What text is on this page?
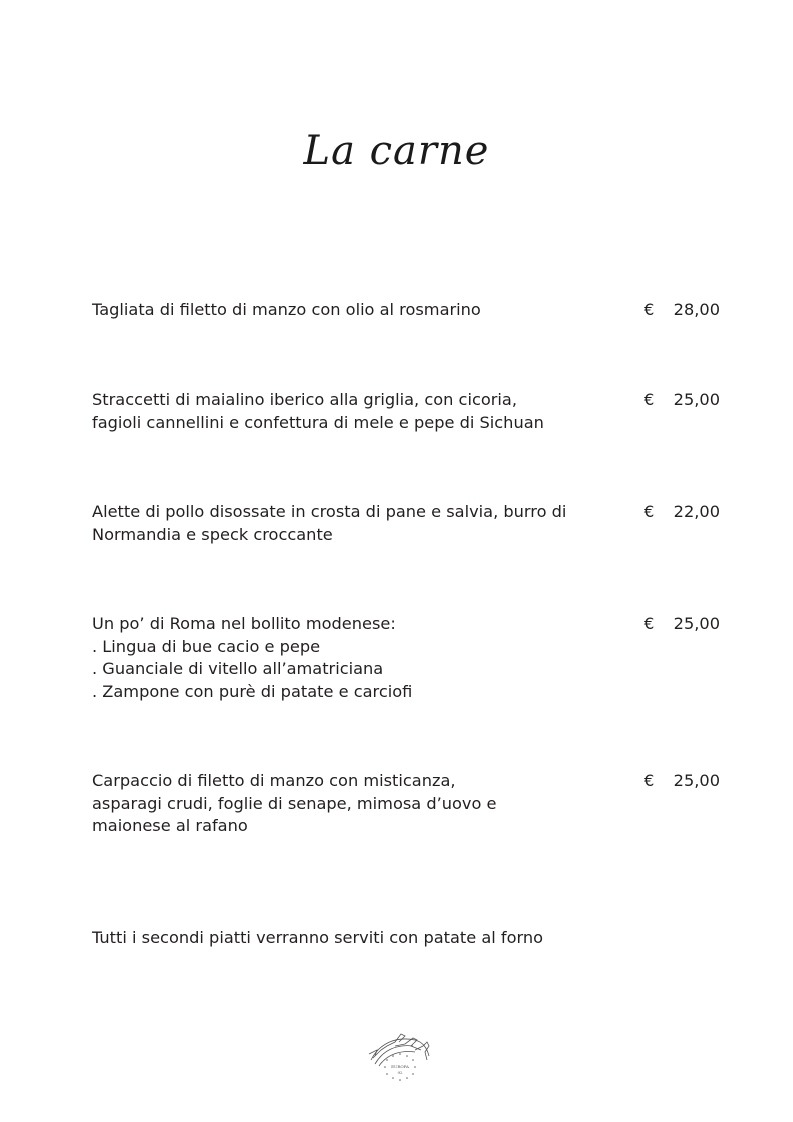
La carne
Tagliata di filetto di manzo con olio al rosmarino	€ 28,00
Straccetti di maialino iberico alla griglia, con cicoria,
fagioli cannellini e confettura di mele e pepe di Sichuan
€ 25,00
Alette di pollo disossate in crosta di pane e salvia, burro di
Normandia e speck croccante
€ 22,00
Un po’ di Roma nel bollito modenese:
. Lingua di bue cacio e pepe
. Guanciale di vitello all’amatriciana
. Zampone con purè di patate e carciofi
€ 25,00
Carpaccio di filetto di manzo con misticanza,
asparagi crudi, foglie di senape, mimosa d’uovo e
maionese al rafano
€ 25,00
Tutti i secondi piatti verranno serviti con patate al forno
EUROPA
92
